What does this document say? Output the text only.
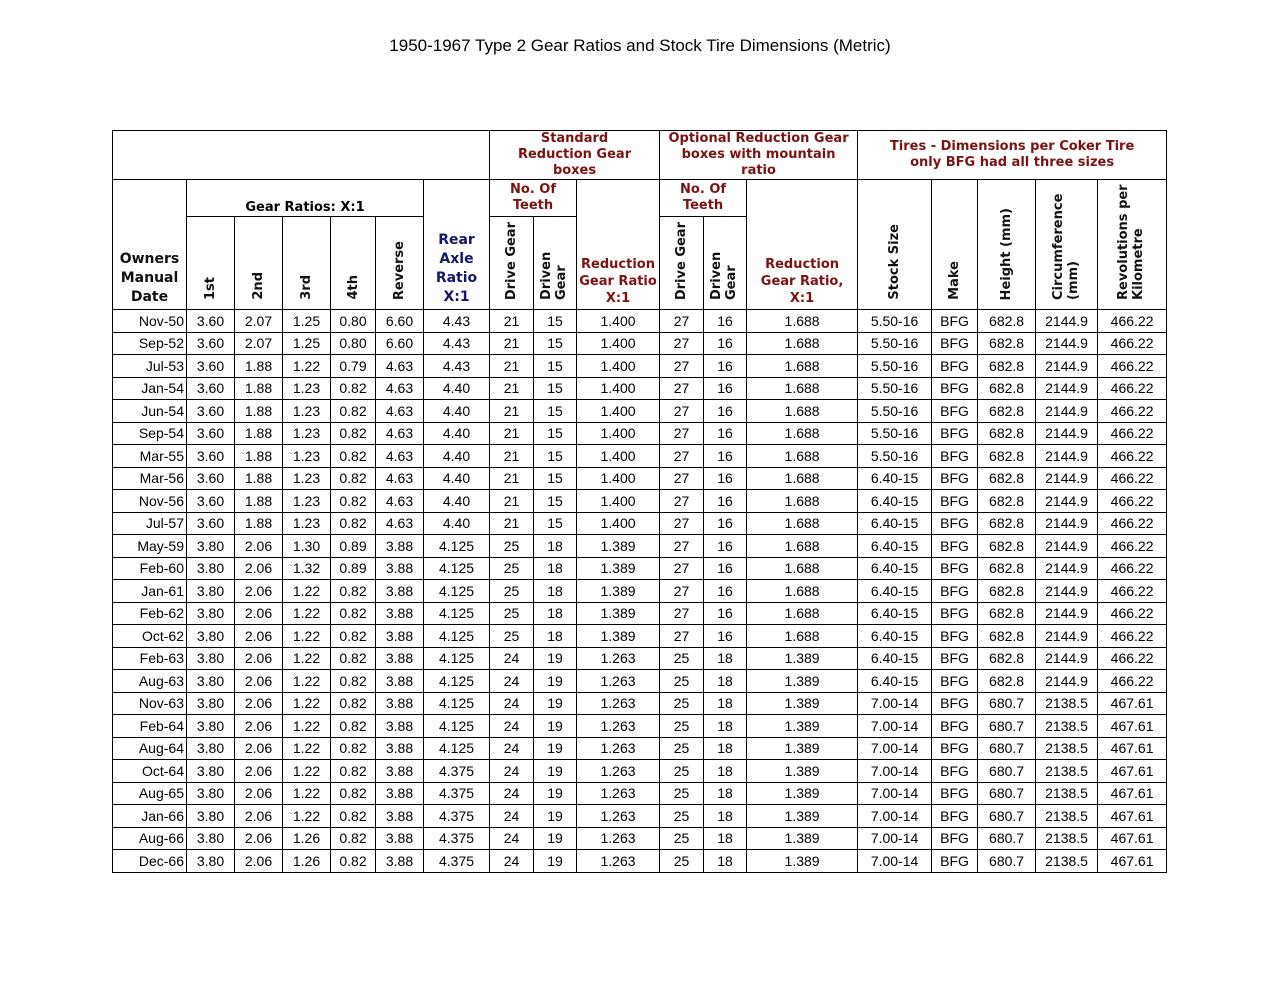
1950-1967 Type 2 Gear Ratios and Stock Tire Dimensions (Metric)
							Standard Reduction Gear boxes			Optional Reduction Gear boxes with mountain ratio			Tires - Dimensions per Coker Tire only BFG had all three sizes				

Owners Manual Date	Gear Ratios: X:1					Rear Axle Ratio X:1	No. Of Teeth		Reduction Gear Ratio X:1	No. Of Teeth		Reduction Gear Ratio, X:1	Stock Size	Make	Height (mm)	Circumference (mm)	Revolutions per Kilometre
	1st	2nd	3rd	4th	Reverse		Drive Gear	Driven Gear		Drive Gear	Driven Gear						
Nov-50	3.60	2.07	1.25	0.80	6.60	4.43	21	15	1.400	27	16	1.688	5.50-16	BFG	682.8	2144.9	466.22
Sep-52	3.60	2.07	1.25	0.80	6.60	4.43	21	15	1.400	27	16	1.688	5.50-16	BFG	682.8	2144.9	466.22
Jul-53	3.60	1.88	1.22	0.79	4.63	4.43	21	15	1.400	27	16	1.688	5.50-16	BFG	682.8	2144.9	466.22
Jan-54	3.60	1.88	1.23	0.82	4.63	4.40	21	15	1.400	27	16	1.688	5.50-16	BFG	682.8	2144.9	466.22
Jun-54	3.60	1.88	1.23	0.82	4.63	4.40	21	15	1.400	27	16	1.688	5.50-16	BFG	682.8	2144.9	466.22
Sep-54	3.60	1.88	1.23	0.82	4.63	4.40	21	15	1.400	27	16	1.688	5.50-16	BFG	682.8	2144.9	466.22
Mar-55	3.60	1.88	1.23	0.82	4.63	4.40	21	15	1.400	27	16	1.688	5.50-16	BFG	682.8	2144.9	466.22
Mar-56	3.60	1.88	1.23	0.82	4.63	4.40	21	15	1.400	27	16	1.688	6.40-15	BFG	682.8	2144.9	466.22
Nov-56	3.60	1.88	1.23	0.82	4.63	4.40	21	15	1.400	27	16	1.688	6.40-15	BFG	682.8	2144.9	466.22
Jul-57	3.60	1.88	1.23	0.82	4.63	4.40	21	15	1.400	27	16	1.688	6.40-15	BFG	682.8	2144.9	466.22
May-59	3.80	2.06	1.30	0.89	3.88	4.125	25	18	1.389	27	16	1.688	6.40-15	BFG	682.8	2144.9	466.22
Feb-60	3.80	2.06	1.32	0.89	3.88	4.125	25	18	1.389	27	16	1.688	6.40-15	BFG	682.8	2144.9	466.22
Jan-61	3.80	2.06	1.22	0.82	3.88	4.125	25	18	1.389	27	16	1.688	6.40-15	BFG	682.8	2144.9	466.22
Feb-62	3.80	2.06	1.22	0.82	3.88	4.125	25	18	1.389	27	16	1.688	6.40-15	BFG	682.8	2144.9	466.22
Oct-62	3.80	2.06	1.22	0.82	3.88	4.125	25	18	1.389	27	16	1.688	6.40-15	BFG	682.8	2144.9	466.22
Feb-63	3.80	2.06	1.22	0.82	3.88	4.125	24	19	1.263	25	18	1.389	6.40-15	BFG	682.8	2144.9	466.22
Aug-63	3.80	2.06	1.22	0.82	3.88	4.125	24	19	1.263	25	18	1.389	6.40-15	BFG	682.8	2144.9	466.22
Nov-63	3.80	2.06	1.22	0.82	3.88	4.125	24	19	1.263	25	18	1.389	7.00-14	BFG	680.7	2138.5	467.61
Feb-64	3.80	2.06	1.22	0.82	3.88	4.125	24	19	1.263	25	18	1.389	7.00-14	BFG	680.7	2138.5	467.61
Aug-64	3.80	2.06	1.22	0.82	3.88	4.125	24	19	1.263	25	18	1.389	7.00-14	BFG	680.7	2138.5	467.61
Oct-64	3.80	2.06	1.22	0.82	3.88	4.375	24	19	1.263	25	18	1.389	7.00-14	BFG	680.7	2138.5	467.61
Aug-65	3.80	2.06	1.22	0.82	3.88	4.375	24	19	1.263	25	18	1.389	7.00-14	BFG	680.7	2138.5	467.61
Jan-66	3.80	2.06	1.22	0.82	3.88	4.375	24	19	1.263	25	18	1.389	7.00-14	BFG	680.7	2138.5	467.61
Aug-66	3.80	2.06	1.26	0.82	3.88	4.375	24	19	1.263	25	18	1.389	7.00-14	BFG	680.7	2138.5	467.61
Dec-66	3.80	2.06	1.26	0.82	3.88	4.375	24	19	1.263	25	18	1.389	7.00-14	BFG	680.7	2138.5	467.61
